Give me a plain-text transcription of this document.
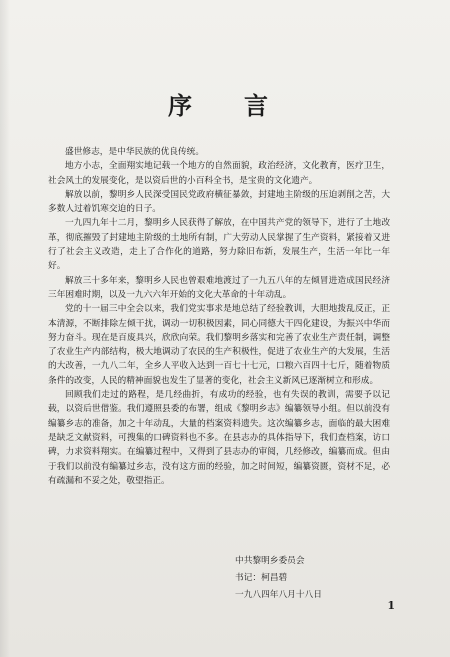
序　言

盛世修志，是中华民族的优良传统。

地方小志，全面翔实地记载一个地方的自然面貌，政治经济，文化教育，医疗卫生，社会风土的发展变化，是以资后世的小百科全书，是宝贵的文化遗产。

解放以前，黎明乡人民深受国民党政府横征暴敛，封建地主阶级的压迫剥削之苦，大多数人过着饥寒交迫的日子。

一九四九年十二月，黎明乡人民获得了解放，在中国共产党的领导下，进行了土地改革，彻底摧毁了封建地主阶级的土地所有制，广大劳动人民掌握了生产资料，紧接着又进行了社会主义改造，走上了合作化的道路，努力除旧布新，发展生产，生活一年比一年好。

解放三十多年来，黎明乡人民也曾艰难地渡过了一九五八年的左倾冒进造成国民经济三年困难时期，以及一九六六年开始的文化大革命的十年动乱。

党的十一届三中全会以来，我们党实事求是地总结了经验教训，大胆地拨乱反正，正本清源，不断排除左倾干扰，调动一切积极因素，同心同德大干四化建设，为振兴中华而努力奋斗。现在是百废具兴，欣欣向荣。我们黎明乡落实和完善了农业生产责任制，调整了农业生产内部结构，极大地调动了农民的生产积极性，促进了农业生产的大发展，生活的大改善，一九八二年，全乡人平收入达到一百七十七元，口粮六百四十七斤，随着物质条件的改变，人民的精神面貌也发生了显著的变化，社会主义新风已逐渐树立和形成。

回顾我们走过的路程，是几经曲折，有成功的经验，也有失误的教训，需要予以记载，以资后世借鉴。我们遵照县委的布署，组成《黎明乡志》编纂领导小组。但以前没有编纂乡志的准备，加之十年动乱，大量的档案资料遗失。这次编纂乡志，面临的最大困难是缺乏文献资料，可搜集的口碑资料也不多。在县志办的具体指导下，我们查档案，访口碑，力求资料翔实。在编纂过程中，又得到了县志办的审阅，几经修改，编纂而成。但由于我们以前没有编纂过乡志，没有这方面的经验，加之时间短，编纂资匮，资材不足，必有疏漏和不妥之处，敬望指正。

中共黎明乡委员会
书记：柯昌碧
一九八四年八月十八日
1
